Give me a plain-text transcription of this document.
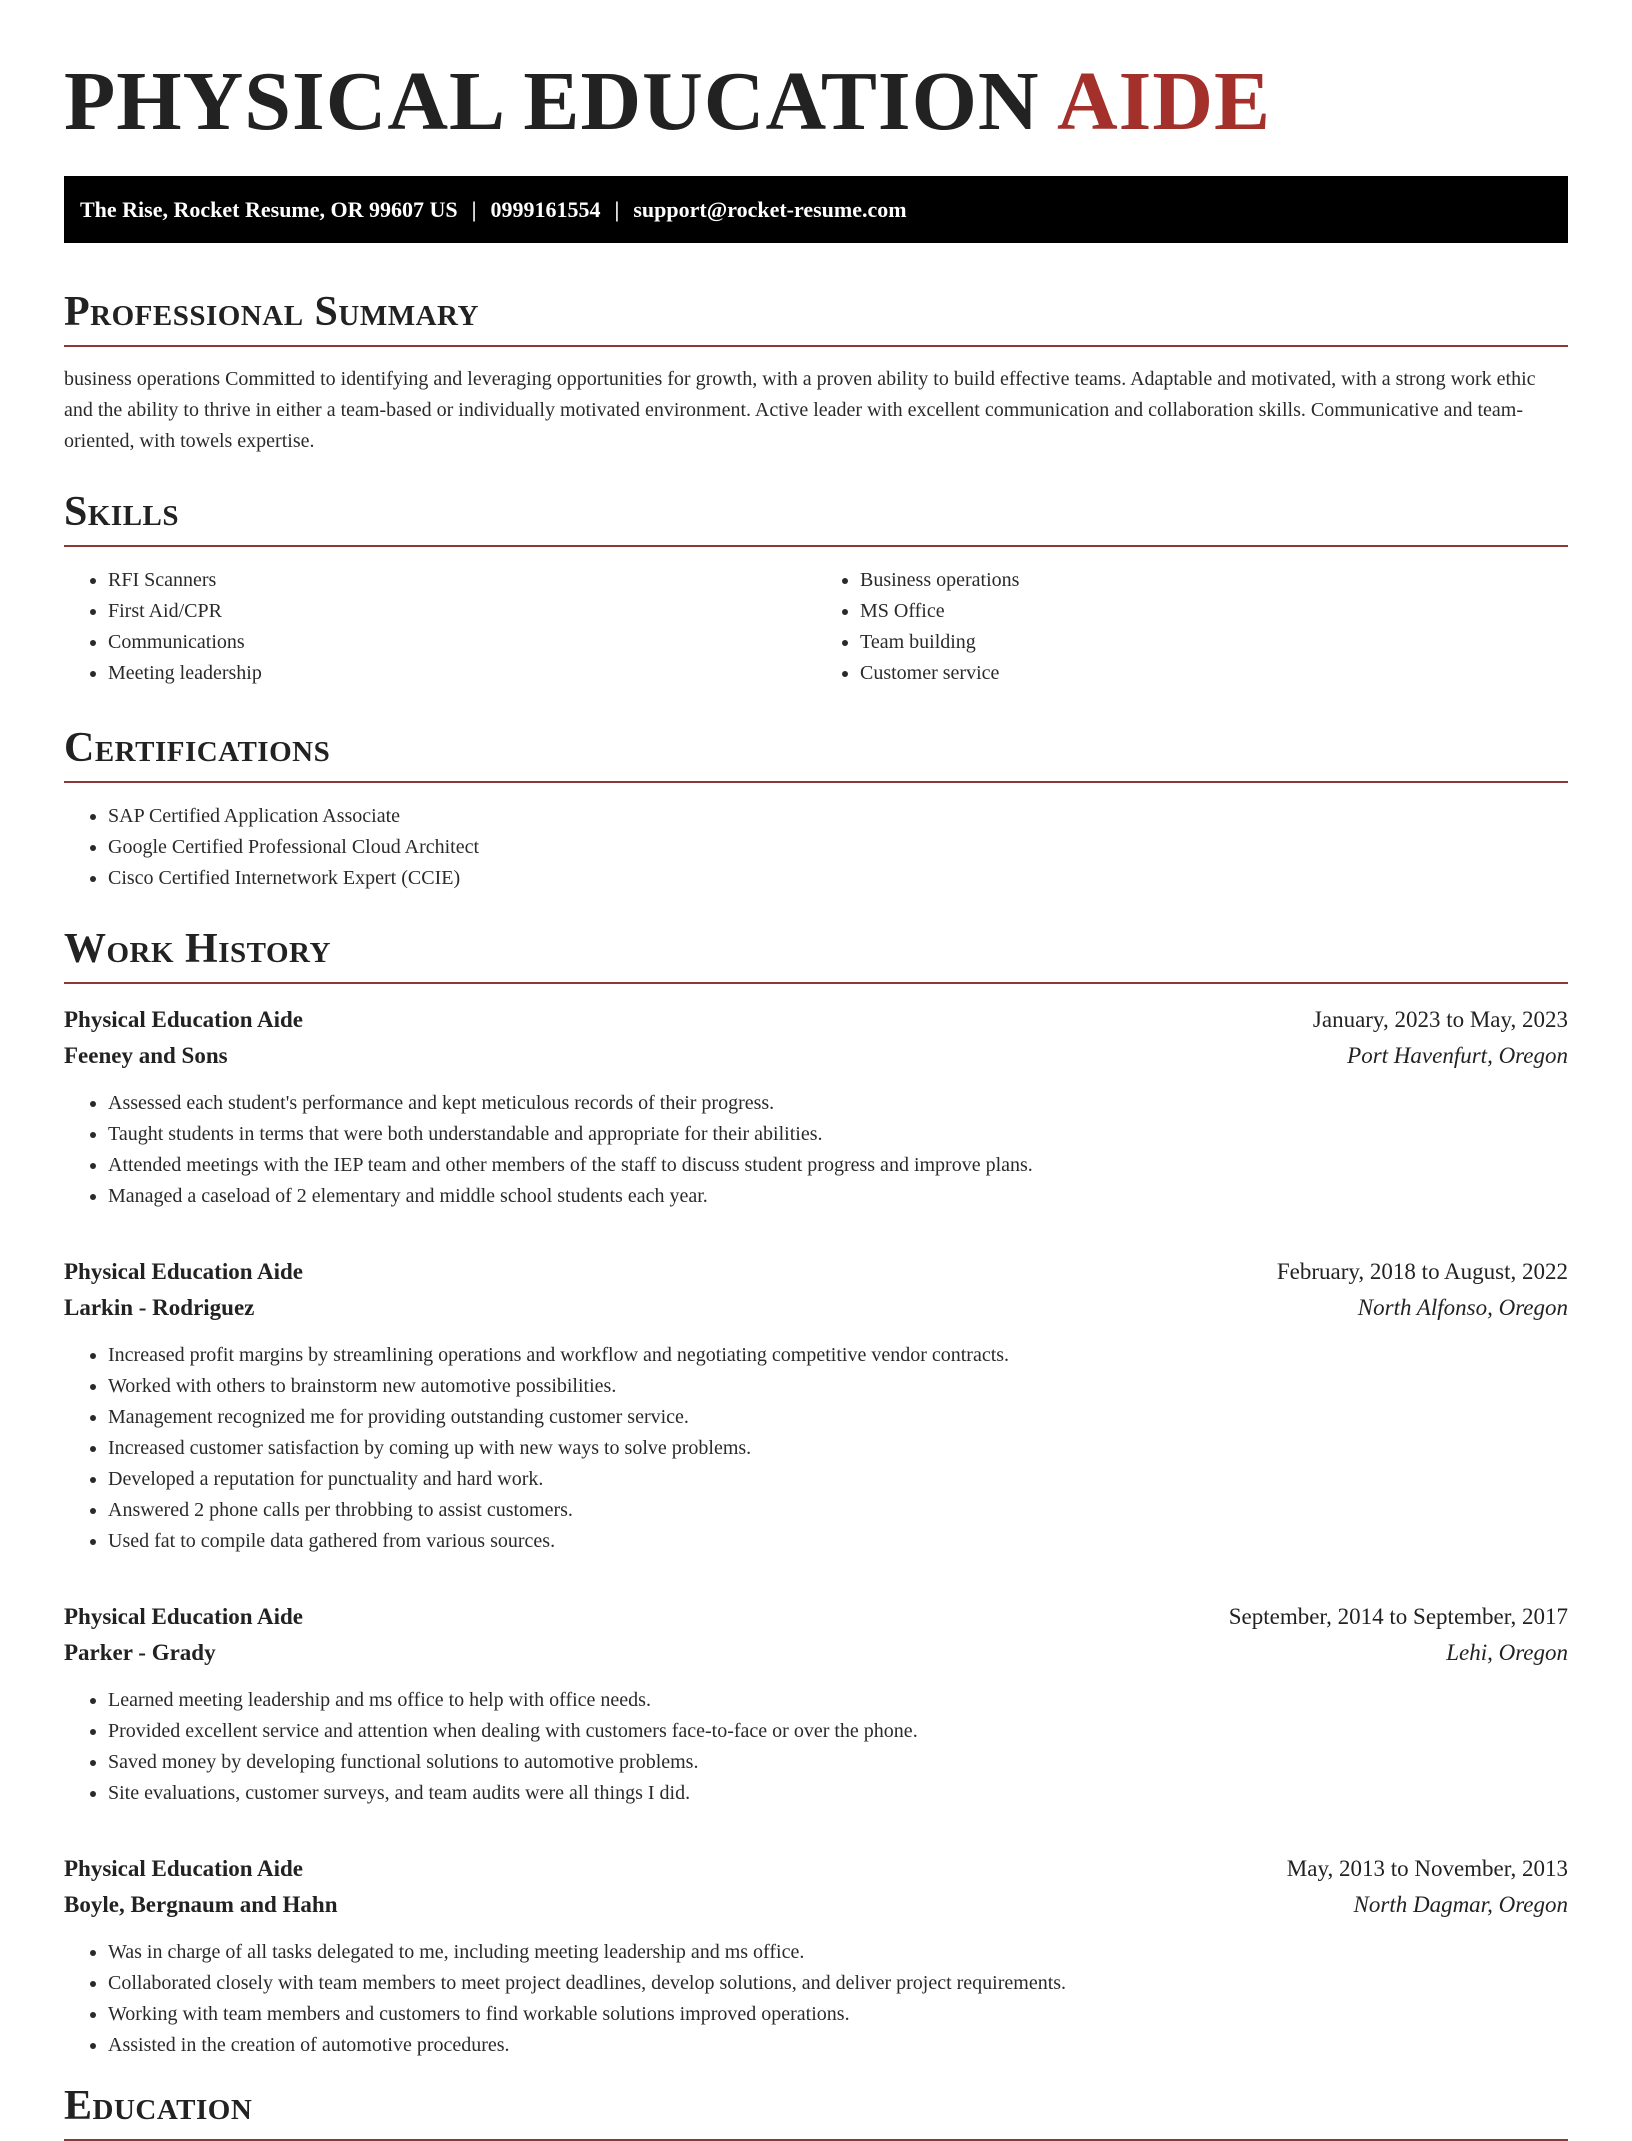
PHYSICAL EDUCATION AIDE
The Rise, Rocket Resume, OR 99607 US | 0999161554 | support@rocket-resume.com
Professional Summary

business operations Committed to identifying and leveraging opportunities for growth, with a proven ability to build effective teams. Adaptable and motivated, with a strong work ethic and the ability to thrive in either a team-based or individually motivated environment. Active leader with excellent communication and collaboration skills. Communicative and team-oriented, with towels expertise.

Skills
• RFI Scanners
• First Aid/CPR
• Communications
• Meeting leadership
• Business operations
• MS Office
• Team building
• Customer service
Certifications
• SAP Certified Application Associate
• Google Certified Professional Cloud Architect
• Cisco Certified Internetwork Expert (CCIE)
Work History
Physical Education Aide	January, 2023 to May, 2023
Feeney and Sons	Port Havenfurt, Oregon
• Assessed each student's performance and kept meticulous records of their progress.
• Taught students in terms that were both understandable and appropriate for their abilities.
• Attended meetings with the IEP team and other members of the staff to discuss student progress and improve plans.
• Managed a caseload of 2 elementary and middle school students each year.
Physical Education Aide	February, 2018 to August, 2022
Larkin - Rodriguez	North Alfonso, Oregon
• Increased profit margins by streamlining operations and workflow and negotiating competitive vendor contracts.
• Worked with others to brainstorm new automotive possibilities.
• Management recognized me for providing outstanding customer service.
• Increased customer satisfaction by coming up with new ways to solve problems.
• Developed a reputation for punctuality and hard work.
• Answered 2 phone calls per throbbing to assist customers.
• Used fat to compile data gathered from various sources.
Physical Education Aide	September, 2014 to September, 2017
Parker - Grady	Lehi, Oregon
• Learned meeting leadership and ms office to help with office needs.
• Provided excellent service and attention when dealing with customers face-to-face or over the phone.
• Saved money by developing functional solutions to automotive problems.
• Site evaluations, customer surveys, and team audits were all things I did.
Physical Education Aide	May, 2013 to November, 2013
Boyle, Bergnaum and Hahn	North Dagmar, Oregon
• Was in charge of all tasks delegated to me, including meeting leadership and ms office.
• Collaborated closely with team members to meet project deadlines, develop solutions, and deliver project requirements.
• Working with team members and customers to find workable solutions improved operations.
• Assisted in the creation of automotive procedures.
Education
